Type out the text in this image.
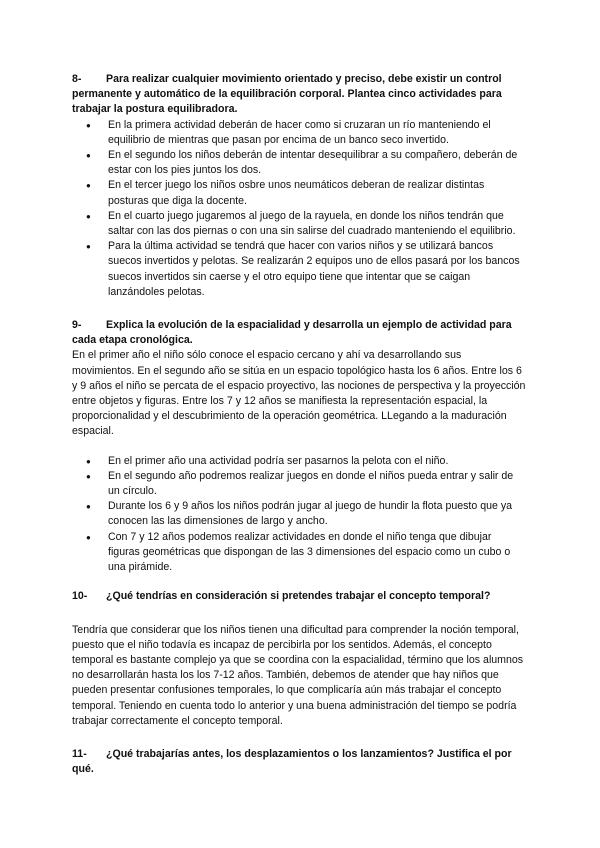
8- Para realizar cualquier movimiento orientado y preciso, debe existir un control permanente y automático de la equilibración corporal. Plantea cinco actividades para trabajar la postura equilibradora.

● En la primera actividad deberán de hacer como si cruzaran un río manteniendo el equilibrio de mientras que pasan por encima de un banco seco invertido.
● En el segundo los niños deberán de intentar desequilibrar a su compañero, deberán de estar con los pies juntos los dos.
● En el tercer juego los niños osbre unos neumáticos deberan de realizar distintas posturas que diga la docente.
● En el cuarto juego jugaremos al juego de la rayuela, en donde los niños tendrán que saltar con las dos piernas o con una sin salirse del cuadrado manteniendo el equilibrio.
● Para la última actividad se tendrá que hacer con varios niños y se utilizará bancos suecos invertidos y pelotas. Se realizarán 2 equipos uno de ellos pasará por los bancos suecos invertidos sin caerse y el otro equipo tiene que intentar que se caigan lanzándoles pelotas.

9- Explica la evolución de la espacialidad y desarrolla un ejemplo de actividad para cada etapa cronológica.

En el primer año el niño sólo conoce el espacio cercano y ahí va desarrollando sus movimientos. En el segundo año se sitúa en un espacio topológico hasta los 6 años. Entre los 6 y 9 años el niño se percata de el espacio proyectivo, las nociones de perspectiva y la proyección entre objetos y figuras. Entre los 7 y 12 años se manifiesta la representación espacial, la proporcionalidad y el descubrimiento de la operación geométrica. LLegando a la maduración espacial.

● En el primer año una actividad podría ser pasarnos la pelota con el niño.
● En el segundo año podremos realizar juegos en donde el niños pueda entrar y salir de un círculo.
● Durante los 6 y 9 años los niños podrán jugar al juego de hundir la flota puesto que ya conocen las las dimensiones de largo y ancho.
● Con 7 y 12 años podemos realizar actividades en donde el niño tenga que dibujar figuras geométricas que dispongan de las 3 dimensiones del espacio como un cubo o una pirámide.

10- ¿Qué tendrías en consideración si pretendes trabajar el concepto temporal?

Tendría que considerar que los niños tienen una dificultad para comprender la noción temporal, puesto que el niño todavía es incapaz de percibirla por los sentidos. Además, el concepto temporal es bastante complejo ya que se coordina con la espacialidad, término que los alumnos no desarrollarán hasta los los 7-12 años. También, debemos de atender que hay niños que pueden presentar confusiones temporales, lo que complicaría aún más trabajar el concepto temporal. Teniendo en cuenta todo lo anterior y una buena administración del tiempo se podría trabajar correctamente el concepto temporal.

11- ¿Qué trabajarías antes, los desplazamientos o los lanzamientos? Justifica el por qué.
